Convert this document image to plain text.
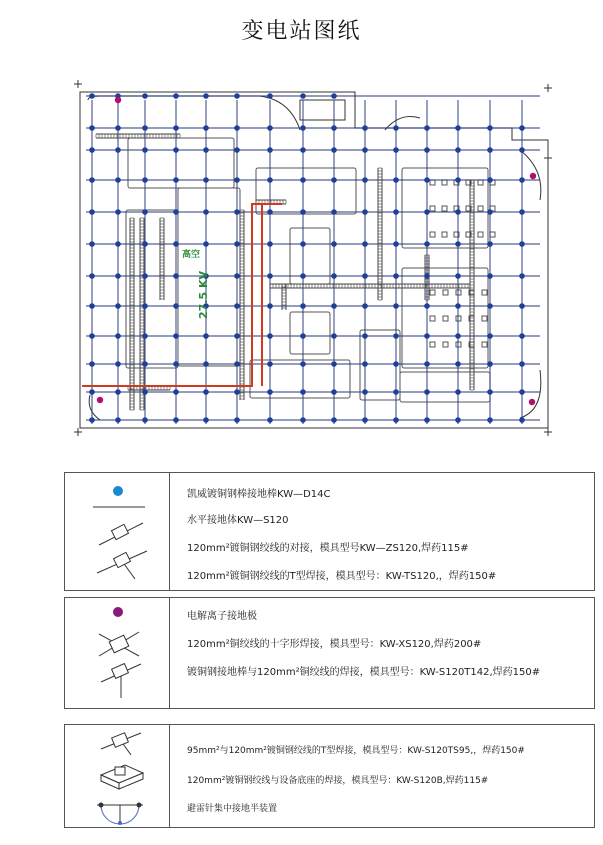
变电站图纸
27.5 KV
高空
凯威镀铜钢棒接地棒KW—D14C
水平接地体KW—S120
120mm²镀铜钢绞线的对接，模具型号KW—ZS120,焊药115#
120mm²镀铜钢绞线的T型焊接，模具型号：KW-TS120,，焊药150#
电解离子接地极
120mm²铜绞线的十字形焊接，模具型号：KW-XS120,焊药200#
镀铜钢接地棒与120mm²铜绞线的焊接，模具型号：KW-S120T142,焊药150#
95mm²与120mm²镀铜钢绞线的T型焊接，模具型号：KW-S120TS95,，焊药150#
120mm²镀铜钢绞线与设备底座的焊接，模具型号：KW-S120B,焊药115#
避雷针集中接地半装置
